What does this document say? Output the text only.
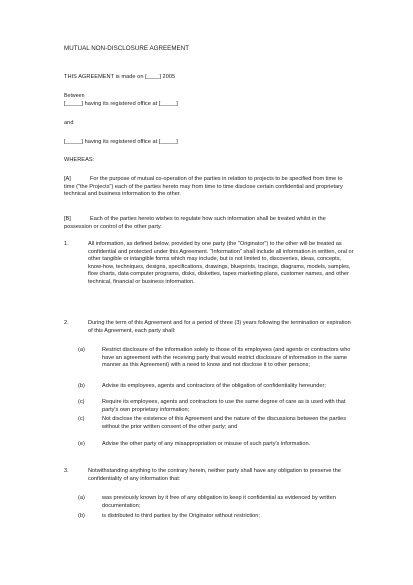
MUTUAL NON-DISCLOSURE AGREEMENT
THIS AGREEMENT is made on [____] 2005
Between
[_____] having its registered office at [_____]
and
[_____] having its registered office at [_____]
WHEREAS:
[A]	For the purpose of mutual co-operation of the parties in relation to projects to be specified from time to time ("the Projects") each of the parties hereto may from time to time disclose certain confidential and proprietary technical and business information to the other.
[B]	Each of the parties hereto wishes to regulate how such information shall be treated whilst in the possession or control of the other party.
1.	All information, as defined below, provided by one party (the "Originator") to the other will be treated as confidential and protected under this Agreement. "Information" shall include all information in written, oral or other tangible or intangible forms which may include, but is not limited to, discoveries, ideas, concepts, know-how, techniques, designs, specifications, drawings, blueprints, tracings, diagrams, models, samples, flow charts, data computer programs, disks, diskettes, tapes marketing plans, customer names, and other technical, financial or business information.
2.	During the term of this Agreement and for a period of three (3) years following the termination or expiration of this Agreement, each party shall:
(a)	Restrict disclosure of the information solely to those of its employees (and agents or contractors who have an agreement with the receiving party that would restrict disclosure of information in the same manner as this Agreement) with a need to know and not disclose it to other persons;
(b)	Advise its employees, agents and contractors of the obligation of confidentiality hereunder;
(c)	Require its employees, agents and contractors to use the same degree of care as is used with that party's own proprietary information;
(c)	Not disclose the existence of this Agreement and the nature of the discussions between the parties without the prior written consent of the other party; and
(e)	Advise the other party of any misappropriation or misuse of such party's information.
3.	Notwithstanding anything to the contrary herein, neither party shall have any obligation to preserve the confidentiality of any information that:
(a)	was previously known by it free of any obligation to keep it confidential as evidenced by written documentation;
(b)	is distributed to third parties by the Originator without restriction;
